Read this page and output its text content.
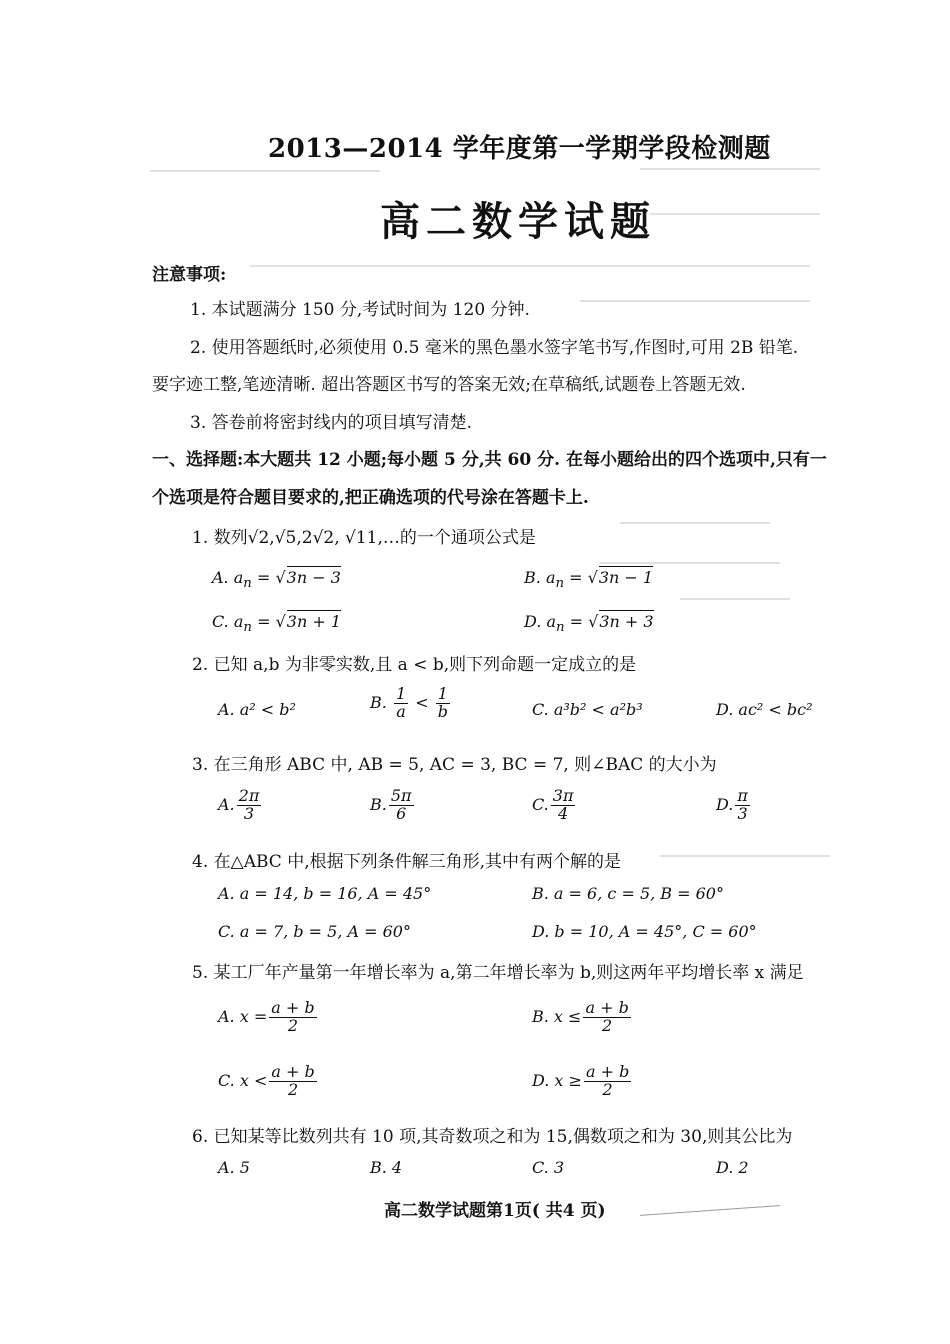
2013—2014 学年度第一学期学段检测题
高二数学试题
注意事项:
1. 本试题满分 150 分,考试时间为 120 分钟.
2. 使用答题纸时,必须使用 0.5 毫米的黑色墨水签字笔书写,作图时,可用 2B 铅笔.
要字迹工整,笔迹清晰. 超出答题区书写的答案无效;在草稿纸,试题卷上答题无效.
3. 答卷前将密封线内的项目填写清楚.
一、选择题:本大题共 12 小题;每小题 5 分,共 60 分. 在每小题给出的四个选项中,只有一
个选项是符合题目要求的,把正确选项的代号涂在答题卡上.
1. 数列√2,√5,2√2, √11,…的一个通项公式是
A. $a_n = √3n - 3$	B. $a_n = √3n - 1$
C. $a_n = √3n + 1$	D. $a_n = √3n + 3$
2. 已知 a,b 为非零实数,且 a < b,则下列命题一定成立的是
A. a² < b²	B. $\frac{1}{a} < \frac{1}{b}$	C. a³b² < a²b³	D. ac² < bc²
3. 在三角形 ABC 中, AB = 5, AC = 3, BC = 7, 则∠BAC 的大小为
A. $\frac{2\pi}{3}$	B. $\frac{5\pi}{6}$	C. $\frac{3\pi}{4}$	D. $\frac{\pi}{3}$
4. 在△ABC 中,根据下列条件解三角形,其中有两个解的是
A. a = 14, b = 16, A = 45°	B. a = 6, c = 5, B = 60°
C. a = 7, b = 5, A = 60°	D. b = 10, A = 45°, C = 60°
5. 某工厂年产量第一年增长率为 a,第二年增长率为 b,则这两年平均增长率 x 满足
A. $x = \frac{a + b}{2}$	B. $x \le \frac{a + b}{2}$
C. $x < \frac{a + b}{2}$	D. $x \ge \frac{a + b}{2}$
6. 已知某等比数列共有 10 项,其奇数项之和为 15,偶数项之和为 30,则其公比为
A. 5	B. 4	C. 3	D. 2
高二数学试题第1页( 共4 页)
